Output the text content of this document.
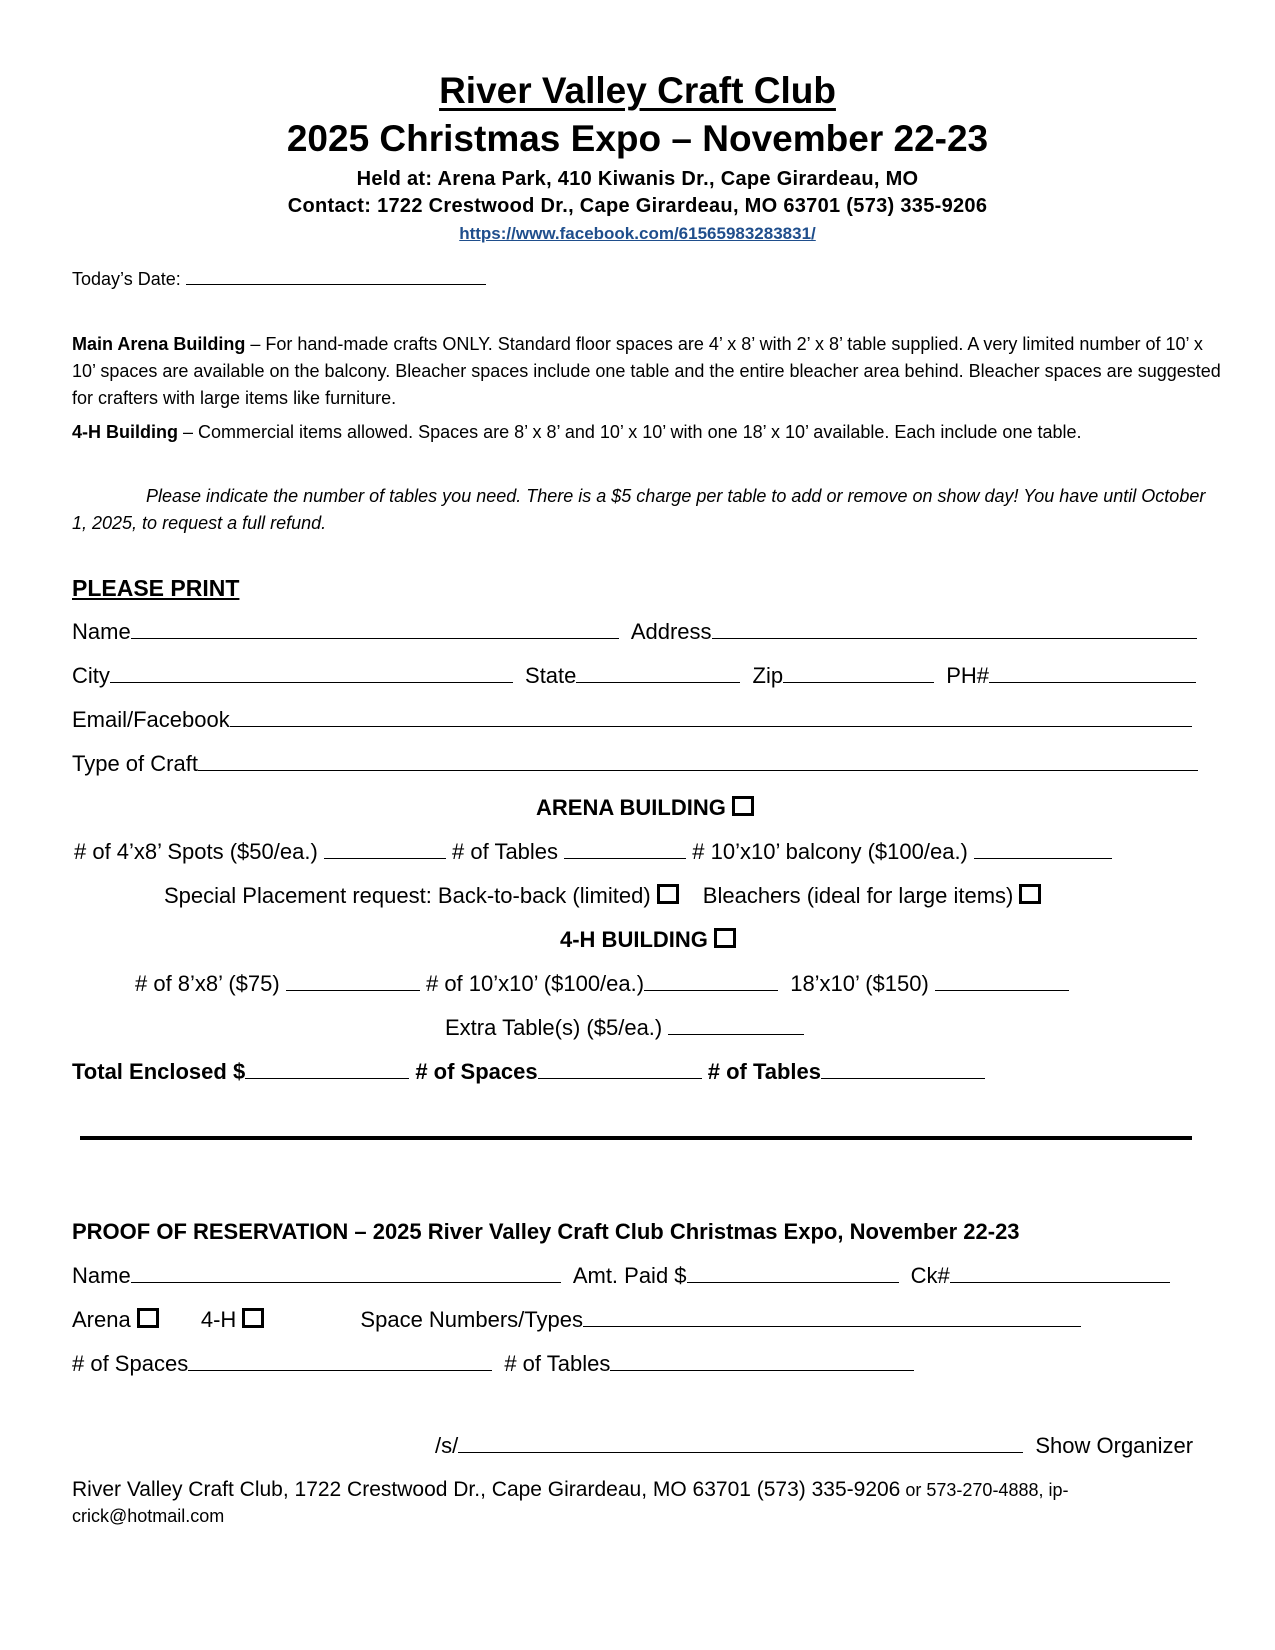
River Valley Craft Club
2025 Christmas Expo – November 22-23
Held at: Arena Park, 410 Kiwanis Dr., Cape Girardeau, MO
Contact: 1722 Crestwood Dr., Cape Girardeau, MO 63701 (573) 335-9206
https://www.facebook.com/61565983283831/
Today’s Date:
Main Arena Building – For hand-made crafts ONLY. Standard floor spaces are 4’ x 8’ with 2’ x 8’ table supplied. A very limited number of 10’ x 10’ spaces are available on the balcony. Bleacher spaces include one table and the entire bleacher area behind. Bleacher spaces are suggested for crafters with large items like furniture.
4-H Building – Commercial items allowed. Spaces are 8’ x 8’ and 10’ x 10’ with one 18’ x 10’ available. Each include one table.
Please indicate the number of tables you need. There is a $5 charge per table to add or remove on show day! You have until October 1, 2025, to request a full refund.
PLEASE PRINT
Name	Address
City	State	Zip	PH#
Email/Facebook
Type of Craft
ARENA BUILDING
# of 4’x8’ Spots ($50/ea.)	# of Tables	# 10’x10’ balcony ($100/ea.)
Special Placement request: Back-to-back (limited) Bleachers (ideal for large items)
4-H BUILDING
# of 8’x8’ ($75)	# of 10’x10’ ($100/ea.)	18’x10’ ($150)
Extra Table(s) ($5/ea.)
Total Enclosed $	# of Spaces	# of Tables
PROOF OF RESERVATION – 2025 River Valley Craft Club Christmas Expo, November 22-23
Name	Amt. Paid $	Ck#
Arena	4-H	Space Numbers/Types
# of Spaces	# of Tables
/s/	Show Organizer
River Valley Craft Club, 1722 Crestwood Dr., Cape Girardeau, MO 63701 (573) 335-9206 or 573-270-4888, ip-
crick@hotmail.com
